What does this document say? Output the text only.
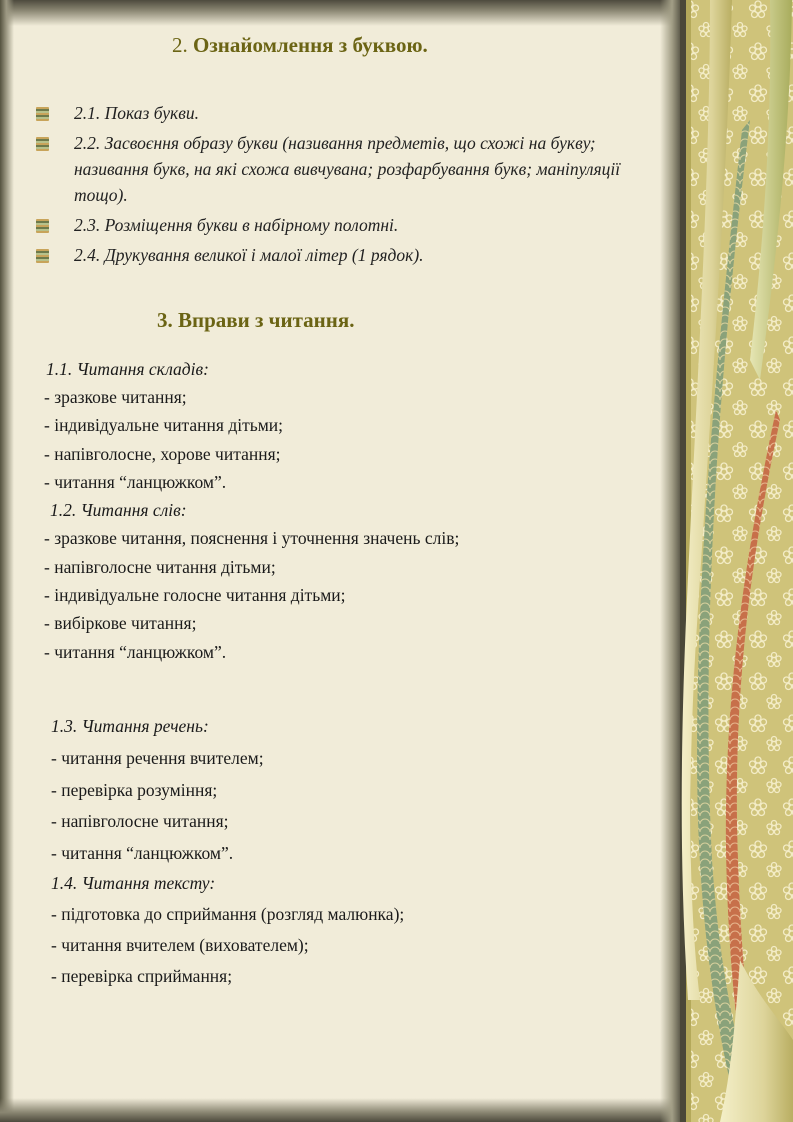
2. Ознайомлення з буквою.
2.1. Показ букви.
2.2. Засвоєння образу букви (називання предметів, що схожі на букву; називання букв, на які схожа вивчувана; розфарбування букв; маніпуляції тощо).
2.3. Розміщення букви в набірному полотні.
2.4. Друкування великої і малої літер (1 рядок).
3. Вправи з читання.
1.1. Читання складів:
- зразкове читання;
- індивідуальне читання дітьми;
- напівголосне, хорове читання;
- читання “ланцюжком”.
1.2. Читання слів:
- зразкове читання, пояснення і уточнення значень слів;
- напівголосне читання дітьми;
- індивідуальне голосне читання дітьми;
- вибіркове читання;
- читання “ланцюжком”.
1.3. Читання речень:
- читання речення вчителем;
- перевірка розуміння;
- напівголосне читання;
- читання “ланцюжком”.
1.4. Читання тексту:
- підготовка до сприймання (розгляд малюнка);
- читання вчителем (вихователем);
- перевірка сприймання;
